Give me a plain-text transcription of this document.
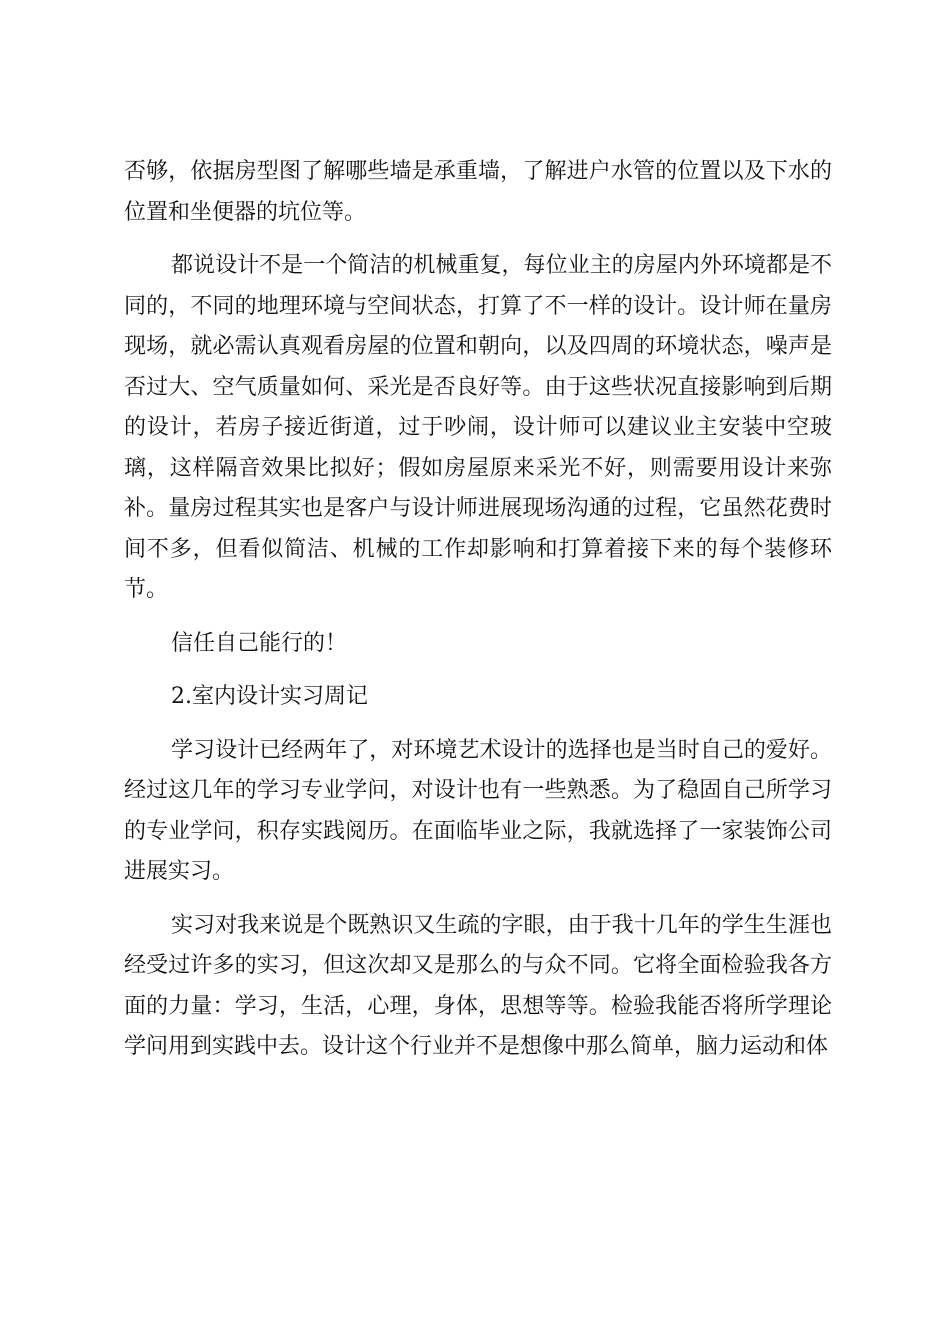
否够，依据房型图了解哪些墙是承重墙，了解进户水管的位置以及下水的位置和坐便器的坑位等。

都说设计不是一个简洁的机械重复，每位业主的房屋内外环境都是不同的，不同的地理环境与空间状态，打算了不一样的设计。设计师在量房现场，就必需认真观看房屋的位置和朝向，以及四周的环境状态，噪声是否过大、空气质量如何、采光是否良好等。由于这些状况直接影响到后期的设计，若房子接近街道，过于吵闹，设计师可以建议业主安装中空玻璃，这样隔音效果比拟好；假如房屋原来采光不好，则需要用设计来弥补。量房过程其实也是客户与设计师进展现场沟通的过程，它虽然花费时间不多，但看似简洁、机械的工作却影响和打算着接下来的每个装修环节。

信任自己能行的！

2.室内设计实习周记

学习设计已经两年了，对环境艺术设计的选择也是当时自己的爱好。经过这几年的学习专业学问，对设计也有一些熟悉。为了稳固自己所学习的专业学问，积存实践阅历。在面临毕业之际，我就选择了一家装饰公司进展实习。

实习对我来说是个既熟识又生疏的字眼，由于我十几年的学生生涯也经受过许多的实习，但这次却又是那么的与众不同。它将全面检验我各方面的力量：学习，生活，心理，身体，思想等等。检验我能否将所学理论学问用到实践中去。设计这个行业并不是想像中那么简单，脑力运动和体
